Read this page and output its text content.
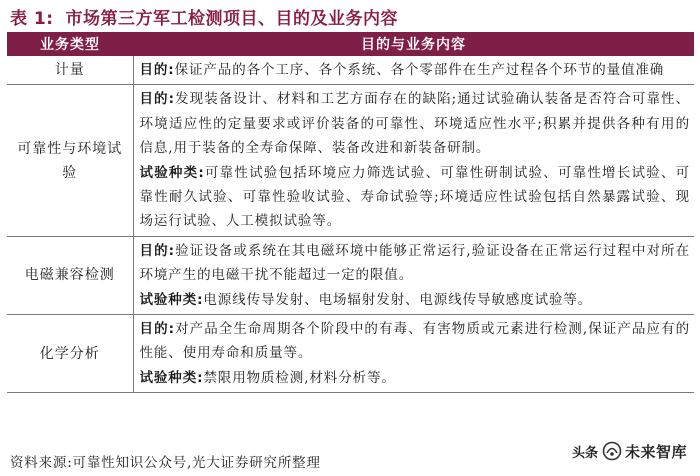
表 1: 市场第三方军工检测项目、目的及业务内容
业务类型	目的与业务内容
计量	目的:保证产品的各个工序、各个系统、各个零部件在生产过程各个环节的量值准确

可靠性与环境试验	目的:发现装备设计、材料和工艺方面存在的缺陷;通过试验确认装备是否符合可靠性、环境适应性的定量要求或评价装备的可靠性、环境适应性水平;积累并提供各种有用的信息,用于装备的全寿命保障、装备改进和新装备研制。

试验种类:可靠性试验包括环境应力筛选试验、可靠性研制试验、可靠性增长试验、可靠性耐久试验、可靠性验收试验、寿命试验等;环境适应性试验包括自然暴露试验、现场运行试验、人工模拟试验等。

电磁兼容检测	目的:验证设备或系统在其电磁环境中能够正常运行,验证设备在正常运行过程中对所在环境产生的电磁干扰不能超过一定的限值。

试验种类:电源线传导发射、电场辐射发射、电源线传导敏感度试验等。

化学分析	目的:对产品全生命周期各个阶段中的有毒、有害物质或元素进行检测,保证产品应有的性能、使用寿命和质量等。

试验种类:禁限用物质检测,材料分析等。

资料来源:可靠性知识公众号,光大证券研究所整理
头条 未来智库
